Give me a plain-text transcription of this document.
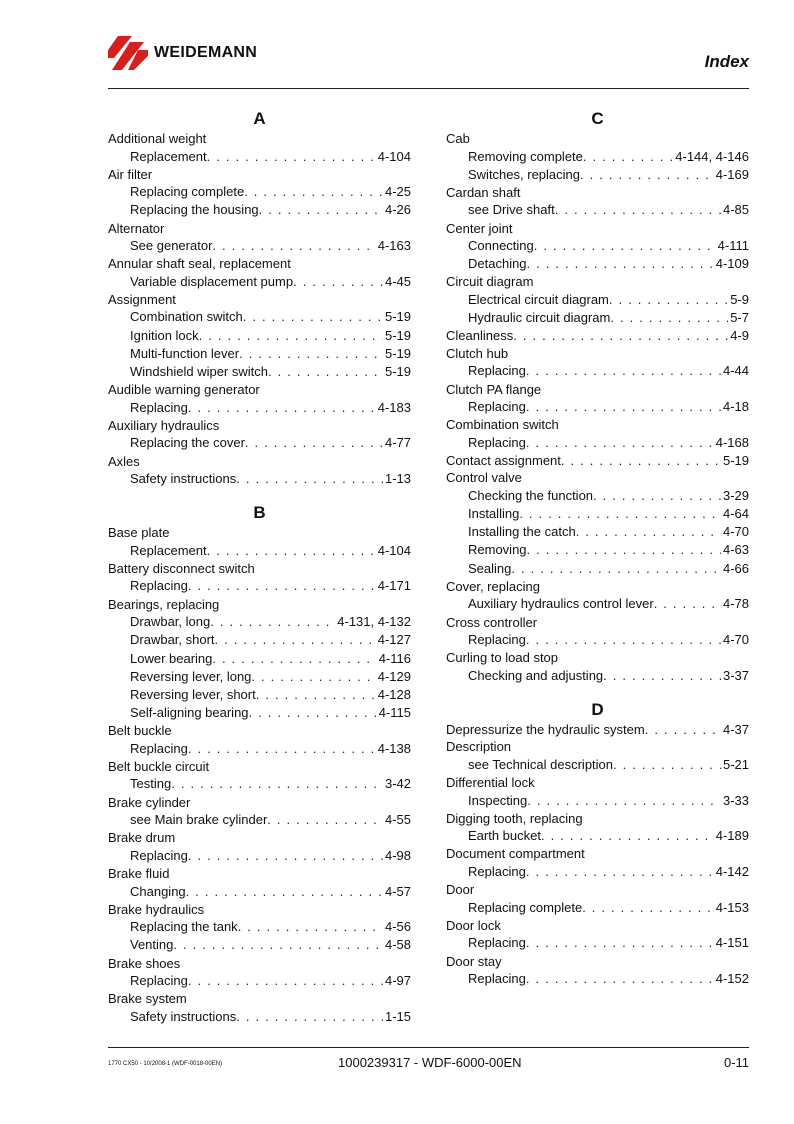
WEIDEMANN	Index
A
Additional weight
Replacement . . .	4-104
Air filter
Replacing complete . . .	4-25
Replacing the housing . . .	4-26
Alternator
See generator . . .	4-163
Annular shaft seal, replacement
Variable displacement pump . . .	4-45
Assignment
Combination switch . . .	5-19
Ignition lock . . .	5-19
Multi-function lever . . .	5-19
Windshield wiper switch . . .	5-19
Audible warning generator
Replacing . . .	4-183
Auxiliary hydraulics
Replacing the cover . . .	4-77
Axles
Safety instructions . . .	1-13
B
Base plate
Replacement . . .	4-104
Battery disconnect switch
Replacing . . .	4-171
Bearings, replacing
Drawbar, long . . .	4-131, 4-132
Drawbar, short . . .	4-127
Lower bearing . . .	4-116
Reversing lever, long . . .	4-129
Reversing lever, short . . .	4-128
Self-aligning bearing . . .	4-115
Belt buckle
Replacing . . .	4-138
Belt buckle circuit
Testing . . .	3-42
Brake cylinder
see Main brake cylinder . . .	4-55
Brake drum
Replacing . . .	4-98
Brake fluid
Changing . . .	4-57
Brake hydraulics
Replacing the tank . . .	4-56
Venting . . .	4-58
Brake shoes
Replacing . . .	4-97
Brake system
Safety instructions . . .	1-15
C
Cab
Removing complete . . .	4-144, 4-146
Switches, replacing . . .	4-169
Cardan shaft
see Drive shaft . . .	4-85
Center joint
Connecting . . .	4-111
Detaching . . .	4-109
Circuit diagram
Electrical circuit diagram . . .	5-9
Hydraulic circuit diagram . . .	5-7
Cleanliness . . .	4-9
Clutch hub
Replacing . . .	4-44
Clutch PA flange
Replacing . . .	4-18
Combination switch
Replacing . . .	4-168
Contact assignment . . .	5-19
Control valve
Checking the function . . .	3-29
Installing . . .	4-64
Installing the catch . . .	4-70
Removing . . .	4-63
Sealing . . .	4-66
Cover, replacing
Auxiliary hydraulics control lever . . .	4-78
Cross controller
Replacing . . .	4-70
Curling to load stop
Checking and adjusting . . .	3-37
D
Depressurize the hydraulic system . . .	4-37
Description
see Technical description . . .	5-21
Differential lock
Inspecting . . .	3-33
Digging tooth, replacing
Earth bucket . . .	4-189
Document compartment
Replacing . . .	4-142
Door
Replacing complete . . .	4-153
Door lock
Replacing . . .	4-151
Door stay
Replacing . . .	4-152
1770 CX50 - 10/2008-1 (WDF-0018-00EN)	1000239317 - WDF-6000-00EN	0-11
